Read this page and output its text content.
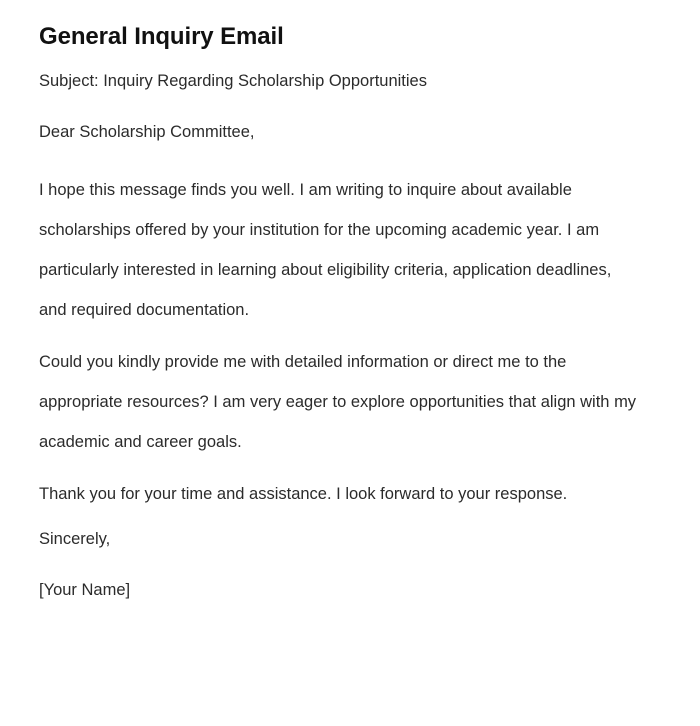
General Inquiry Email

Subject: Inquiry Regarding Scholarship Opportunities

Dear Scholarship Committee,

I hope this message finds you well. I am writing to inquire about available scholarships offered by your institution for the upcoming academic year. I am particularly interested in learning about eligibility criteria, application deadlines, and required documentation.

Could you kindly provide me with detailed information or direct me to the appropriate resources? I am very eager to explore opportunities that align with my academic and career goals.

Thank you for your time and assistance. I look forward to your response.

Sincerely,

[Your Name]
